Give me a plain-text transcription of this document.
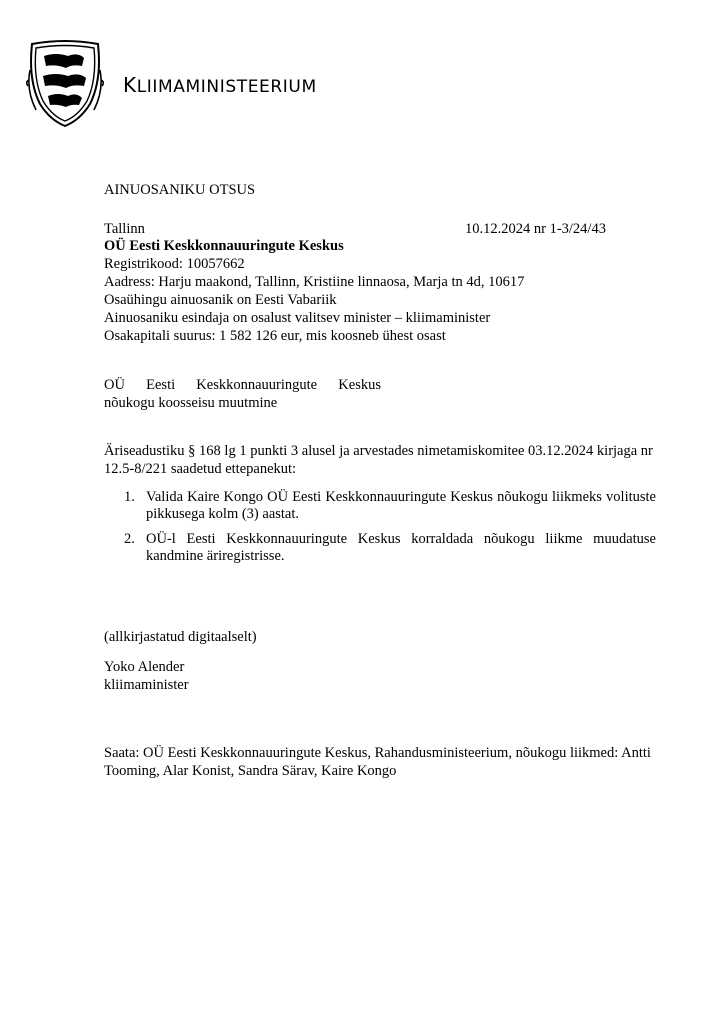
KLIIMAMINISTEERIUM

AINUOSANIKU OTSUS

Tallinn	10.12.2024 nr 1-3/24/43

OÜ Eesti Keskkonnauuringute Keskus

Registrikood: 10057662

Aadress: Harju maakond, Tallinn, Kristiine linnaosa, Marja tn 4d, 10617

Osaühingu ainuosanik on Eesti Vabariik

Ainuosaniku esindaja on osalust valitsev minister – kliimaminister

Osakapitali suurus: 1 582 126 eur, mis koosneb ühest osast

OÜ Eesti Keskkonnauuringute Keskus

nõukogu koosseisu muutmine

Äriseadustiku § 168 lg 1 punkti 3 alusel ja arvestades nimetamiskomitee 03.12.2024 kirjaga nr

12.5-8/221 saadetud ettepanekut:

1. Valida Kaire Kongo OÜ Eesti Keskkonnauuringute Keskus nõukogu liikmeks volituste pikkusega kolm (3) aastat.
2. OÜ-l Eesti Keskkonnauuringute Keskus korraldada nõukogu liikme muudatuse kandmine äriregistrisse.

(allkirjastatud digitaalselt)

Yoko Alender

kliimaminister

Saata: OÜ Eesti Keskkonnauuringute Keskus, Rahandusministeerium, nõukogu liikmed: Antti

Tooming, Alar Konist, Sandra Särav, Kaire Kongo
